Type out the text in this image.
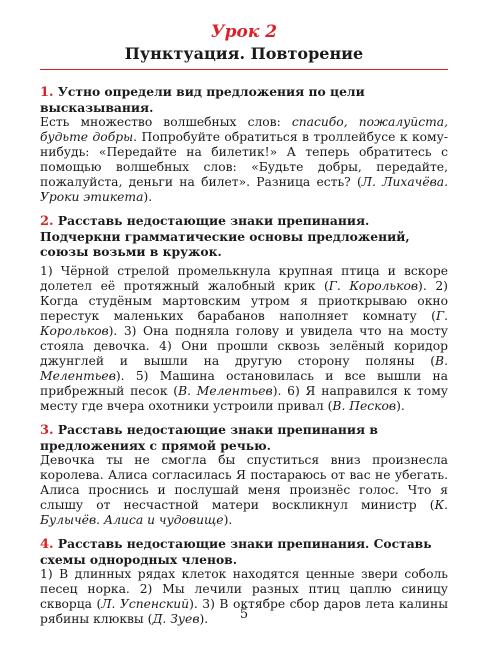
Урок 2
Пунктуация. Повторение

1. Устно определи вид предложения по цели высказывания.

Есть множество волшебных слов: спасибо, пожалуйста, будьте добры. Попробуйте обратиться в троллейбусе к кому-нибудь: «Передайте на билетик!» А теперь обратитесь с помощью волшебных слов: «Будьте добры, передайте, пожалуйста, деньги на билет». Разница есть? (Л. Лихачёва. Уроки этикета).

2. Расставь недостающие знаки препинания. Подчеркни грамматические основы предложений, союзы возьми в кружок.

1) Чёрной стрелой промелькнула крупная птица и вскоре долетел её протяжный жалобный крик (Г. Корольков). 2) Когда студёным мартовским утром я приоткрываю окно перестук маленьких барабанов наполняет комнату (Г. Корольков). 3) Она подняла голову и увидела что на мосту стояла девочка. 4) Они прошли сквозь зелёный коридор джунглей и вышли на другую сторону поляны (В. Мелентьев). 5) Машина остановилась и все вышли на прибрежный песок (В. Мелентьев). 6) Я направился к тому месту где вчера охотники устроили привал (В. Песков).

3. Расставь недостающие знаки препинания в предложениях с прямой речью.

Девочка ты не смогла бы спуститься вниз произнесла королева. Алиса согласилась Я постараюсь от вас не убегать. Алиса проснись и послушай меня произнёс голос. Что я слышу от несчастной матери воскликнул министр (К. Булычёв. Алиса и чудовище).

4. Расставь недостающие знаки препинания. Составь схемы однородных членов.

1) В длинных рядах клеток находятся ценные звери соболь песец норка. 2) Мы лечили разных птиц цаплю синицу скворца (Л. Успенский). 3) В октябре сбор даров лета калины рябины клюквы (Д. Зуев).	5
